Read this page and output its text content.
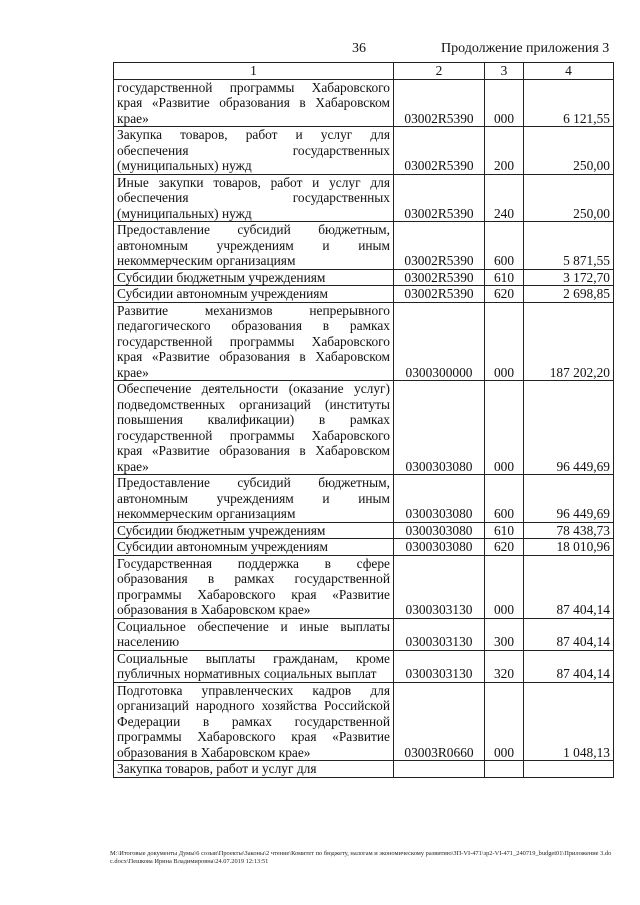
36	Продолжение приложения 3
1	2	3	4
государственной программы Хабаровского края «Развитие образования в Хабаровском крае»	03002R5390	000	6 121,55
Закупка товаров, работ и услуг для обеспечения государственных (муниципальных) нужд	03002R5390	200	250,00
Иные закупки товаров, работ и услуг для обеспечения государственных (муниципальных) нужд	03002R5390	240	250,00
Предоставление субсидий бюджетным, автономным учреждениям и иным некоммерческим организациям	03002R5390	600	5 871,55
Субсидии бюджетным учреждениям	03002R5390	610	3 172,70
Субсидии автономным учреждениям	03002R5390	620	2 698,85
Развитие механизмов непрерывного педагогического образования в рамках государственной программы Хабаровского края «Развитие образования в Хабаровском крае»	0300300000	000	187 202,20
Обеспечение деятельности (оказание услуг) подведомственных организаций (институты повышения квалификации) в рамках государственной программы Хабаровского края «Развитие образования в Хабаровском крае»	0300303080	000	96 449,69
Предоставление субсидий бюджетным, автономным учреждениям и иным некоммерческим организациям	0300303080	600	96 449,69
Субсидии бюджетным учреждениям	0300303080	610	78 438,73
Субсидии автономным учреждениям	0300303080	620	18 010,96
Государственная поддержка в сфере образования в рамках государственной программы Хабаровского края «Развитие образования в Хабаровском крае»	0300303130	000	87 404,14
Социальное обеспечение и иные выплаты населению	0300303130	300	87 404,14
Социальные выплаты гражданам, кроме публичных нормативных социальных выплат	0300303130	320	87 404,14
Подготовка управленческих кадров для организаций народного хозяйства Российской Федерации в рамках государственной программы Хабаровского края «Развитие образования в Хабаровском крае»	03003R0660	000	1 048,13
Закупка товаров, работ и услуг для			
M:\Итоговые документы Думы\6 созыв\Проекты\Законы\2 чтение\Комитет по бюджету, налогам и экономическому развитию\ЗП-VI-471\зр2-VI-471_240719_budget01\Приложение 3.doc.docx\Пешкова Ирина Владимировна\24.07.2019 12:13:51
